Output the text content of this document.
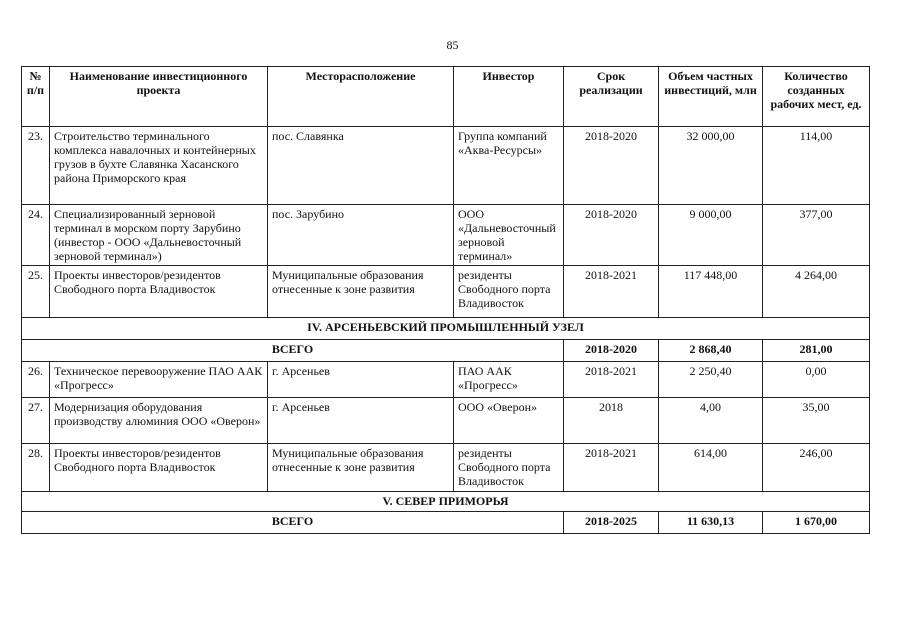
85
№ п/п	Наименование инвестиционного проекта	Месторасположение	Инвестор	Срок реализации	Объем частных инвестиций, млн	Количество созданных рабочих мест, ед.
23.	Строительство терминального комплекса навалочных и контейнерных грузов в бухте Славянка Хасанского района Приморского края	пос. Славянка	Группа компаний «Аква-Ресурсы»	2018-2020	32 000,00	114,00
24.	Специализированный зерновой терминал в морском порту Зарубино (инвестор - ООО «Дальневосточный зерновой терминал»)	пос. Зарубино	ООО «Дальневосточный зерновой терминал»	2018-2020	9 000,00	377,00
25.	Проекты инвесторов/резидентов Свободного порта Владивосток	Муниципальные образования отнесенные к зоне развития	резиденты Свободного порта Владивосток	2018-2021	117 448,00	4 264,00
IV. АРСЕНЬЕВСКИЙ ПРОМЫШЛЕННЫЙ УЗЕЛ						
ВСЕГО				2018-2020	2 868,40	281,00
26.	Техническое перевооружение ПАО ААК «Прогресс»	г. Арсеньев	ПАО ААК «Прогресс»	2018-2021	2 250,40	0,00
27.	Модернизация оборудования производству алюминия ООО «Оверон»	г. Арсеньев	ООО «Оверон»	2018	4,00	35,00
28.	Проекты инвесторов/резидентов Свободного порта Владивосток	Муниципальные образования отнесенные к зоне развития	резиденты Свободного порта Владивосток	2018-2021	614,00	246,00
V. СЕВЕР ПРИМОРЬЯ						
ВСЕГО				2018-2025	11 630,13	1 670,00
